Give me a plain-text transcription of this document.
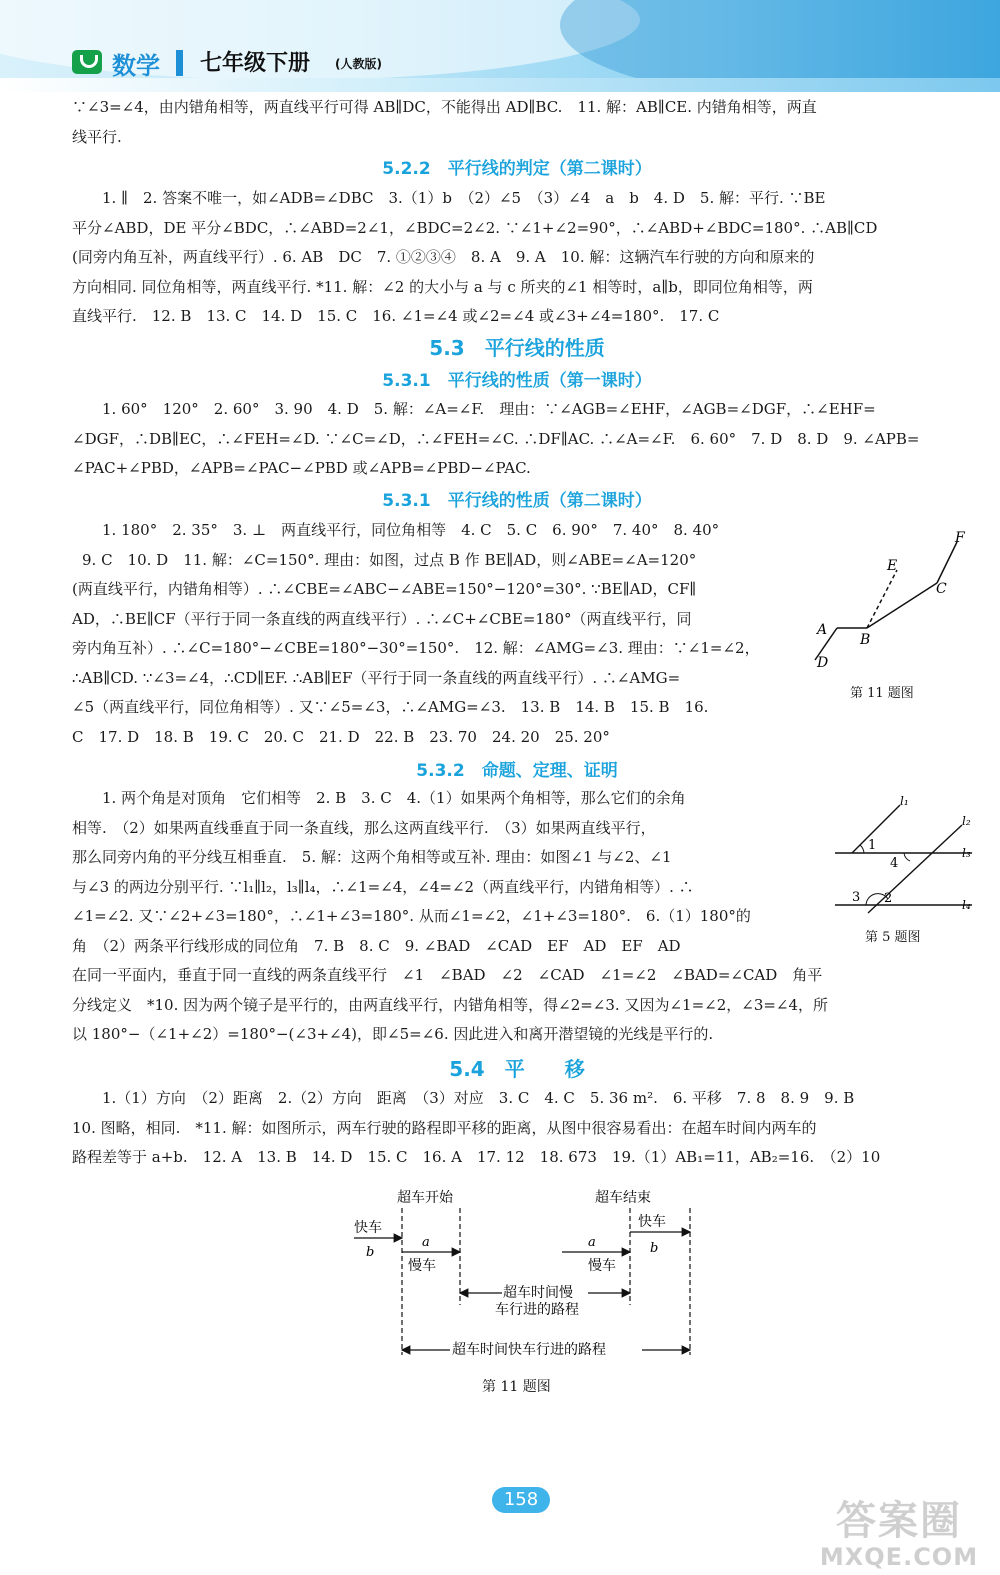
数学 七年级下册 (人教版)
∵∠3=∠4，由内错角相等，两直线平行可得 AB∥DC，不能得出 AD∥BC.　11. 解：AB∥CE. 内错角相等，两直
线平行.
5.2.2　平行线的判定（第二课时）
1. ∥　2. 答案不唯一，如∠ADB=∠DBC　3.（1）b　（2）∠5　（3）∠4　a　b　4. D　5. 解：平行. ∵BE
平分∠ABD，DE 平分∠BDC，∴∠ABD=2∠1，∠BDC=2∠2. ∵∠1+∠2=90°，∴∠ABD+∠BDC=180°. ∴AB∥CD
(同旁内角互补，两直线平行）. 6. AB　DC　7. ①②③④　8. A　9. A　10. 解：这辆汽车行驶的方向和原来的
方向相同. 同位角相等，两直线平行. *11. 解：∠2 的大小与 a 与 c 所夹的∠1 相等时，a∥b，即同位角相等，两
直线平行.　12. B　13. C　14. D　15. C　16. ∠1=∠4 或∠2=∠4 或∠3+∠4=180°.　17. C
5.3　平行线的性质
5.3.1　平行线的性质（第一课时）
1. 60°　120°　2. 60°　3. 90　4. D　5. 解：∠A=∠F.　理由：∵∠AGB=∠EHF，∠AGB=∠DGF，∴∠EHF=
∠DGF，∴DB∥EC，∴∠FEH=∠D. ∵∠C=∠D，∴∠FEH=∠C. ∴DF∥AC. ∴∠A=∠F.　6. 60°　7. D　8. D　9. ∠APB=
∠PAC+∠PBD，∠APB=∠PAC−∠PBD 或∠APB=∠PBD−∠PAC.
5.3.1　平行线的性质（第二课时）
1. 180°　2. 35°　3. ⊥　两直线平行，同位角相等　4. C　5. C　6. 90°　7. 40°　8. 40°
9. C　10. D　11. 解：∠C=150°. 理由：如图，过点 B 作 BE∥AD，则∠ABE=∠A=120°
(两直线平行，内错角相等）. ∴∠CBE=∠ABC−∠ABE=150°−120°=30°. ∵BE∥AD，CF∥
AD，∴BE∥CF（平行于同一条直线的两直线平行）. ∴∠C+∠CBE=180°（两直线平行，同
旁内角互补）. ∴∠C=180°−∠CBE=180°−30°=150°.　12. 解：∠AMG=∠3. 理由：∵∠1=∠2，
∴AB∥CD. ∵∠3=∠4，∴CD∥EF. ∴AB∥EF（平行于同一条直线的两直线平行）. ∴∠AMG=
∠5（两直线平行，同位角相等）. 又∵∠5=∠3，∴∠AMG=∠3.　13. B　14. B　15. B　16.
C　17. D　18. B　19. C　20. C　21. D　22. B　23. 70　24. 20　25. 20°
F
E
C
A
B
D
第 11 题图
5.3.2　命题、定理、证明
1. 两个角是对顶角　它们相等　2. B　3. C　4.（1）如果两个角相等，那么它们的余角
相等.　（2）如果两直线垂直于同一条直线，那么这两直线平行.　（3）如果两直线平行，
那么同旁内角的平分线互相垂直.　5. 解：这两个角相等或互补. 理由：如图∠1 与∠2、∠1
与∠3 的两边分别平行. ∵l₁∥l₂，l₃∥l₄，∴∠1=∠4，∠4=∠2（两直线平行，内错角相等）. ∴
∠1=∠2. 又∵∠2+∠3=180°，∴∠1+∠3=180°. 从而∠1=∠2，∠1+∠3=180°.　6.（1）180°的
角　（2）两条平行线形成的同位角　7. B　8. C　9. ∠BAD　∠CAD　EF　AD　EF　AD
l₁
l₂
l₃
l₄
1
4
3 2
第 5 题图
在同一平面内，垂直于同一直线的两条直线平行　∠1　∠BAD　∠2　∠CAD　∠1=∠2　∠BAD=∠CAD　角平
分线定义　*10. 因为两个镜子是平行的，由两直线平行，内错角相等，得∠2=∠3. 又因为∠1=∠2，∠3=∠4，所
以 180°−（∠1+∠2）=180°−(∠3+∠4)，即∠5=∠6. 因此进入和离开潜望镜的光线是平行的.
5.4　平　　移
1.（1）方向　（2）距离　2.（2）方向　距离　（3）对应　3. C　4. C　5. 36 m².　6. 平移　7. 8　8. 9　9. B
10. 图略，相同.　*11. 解：如图所示，两车行驶的路程即平移的距离，从图中很容易看出：在超车时间内两车的
路程差等于 a+b.　12. A　13. B　14. D　15. C　16. A　17. 12　18. 673　19.（1）AB₁=11，AB₂=16.　（2）10
超车开始	超车结束
快车
b
a
慢车
a
慢车
快车
b
超车时间慢
车行进的路程
超车时间快车行进的路程
第 11 题图
158	答案圈
MXQE.COM
